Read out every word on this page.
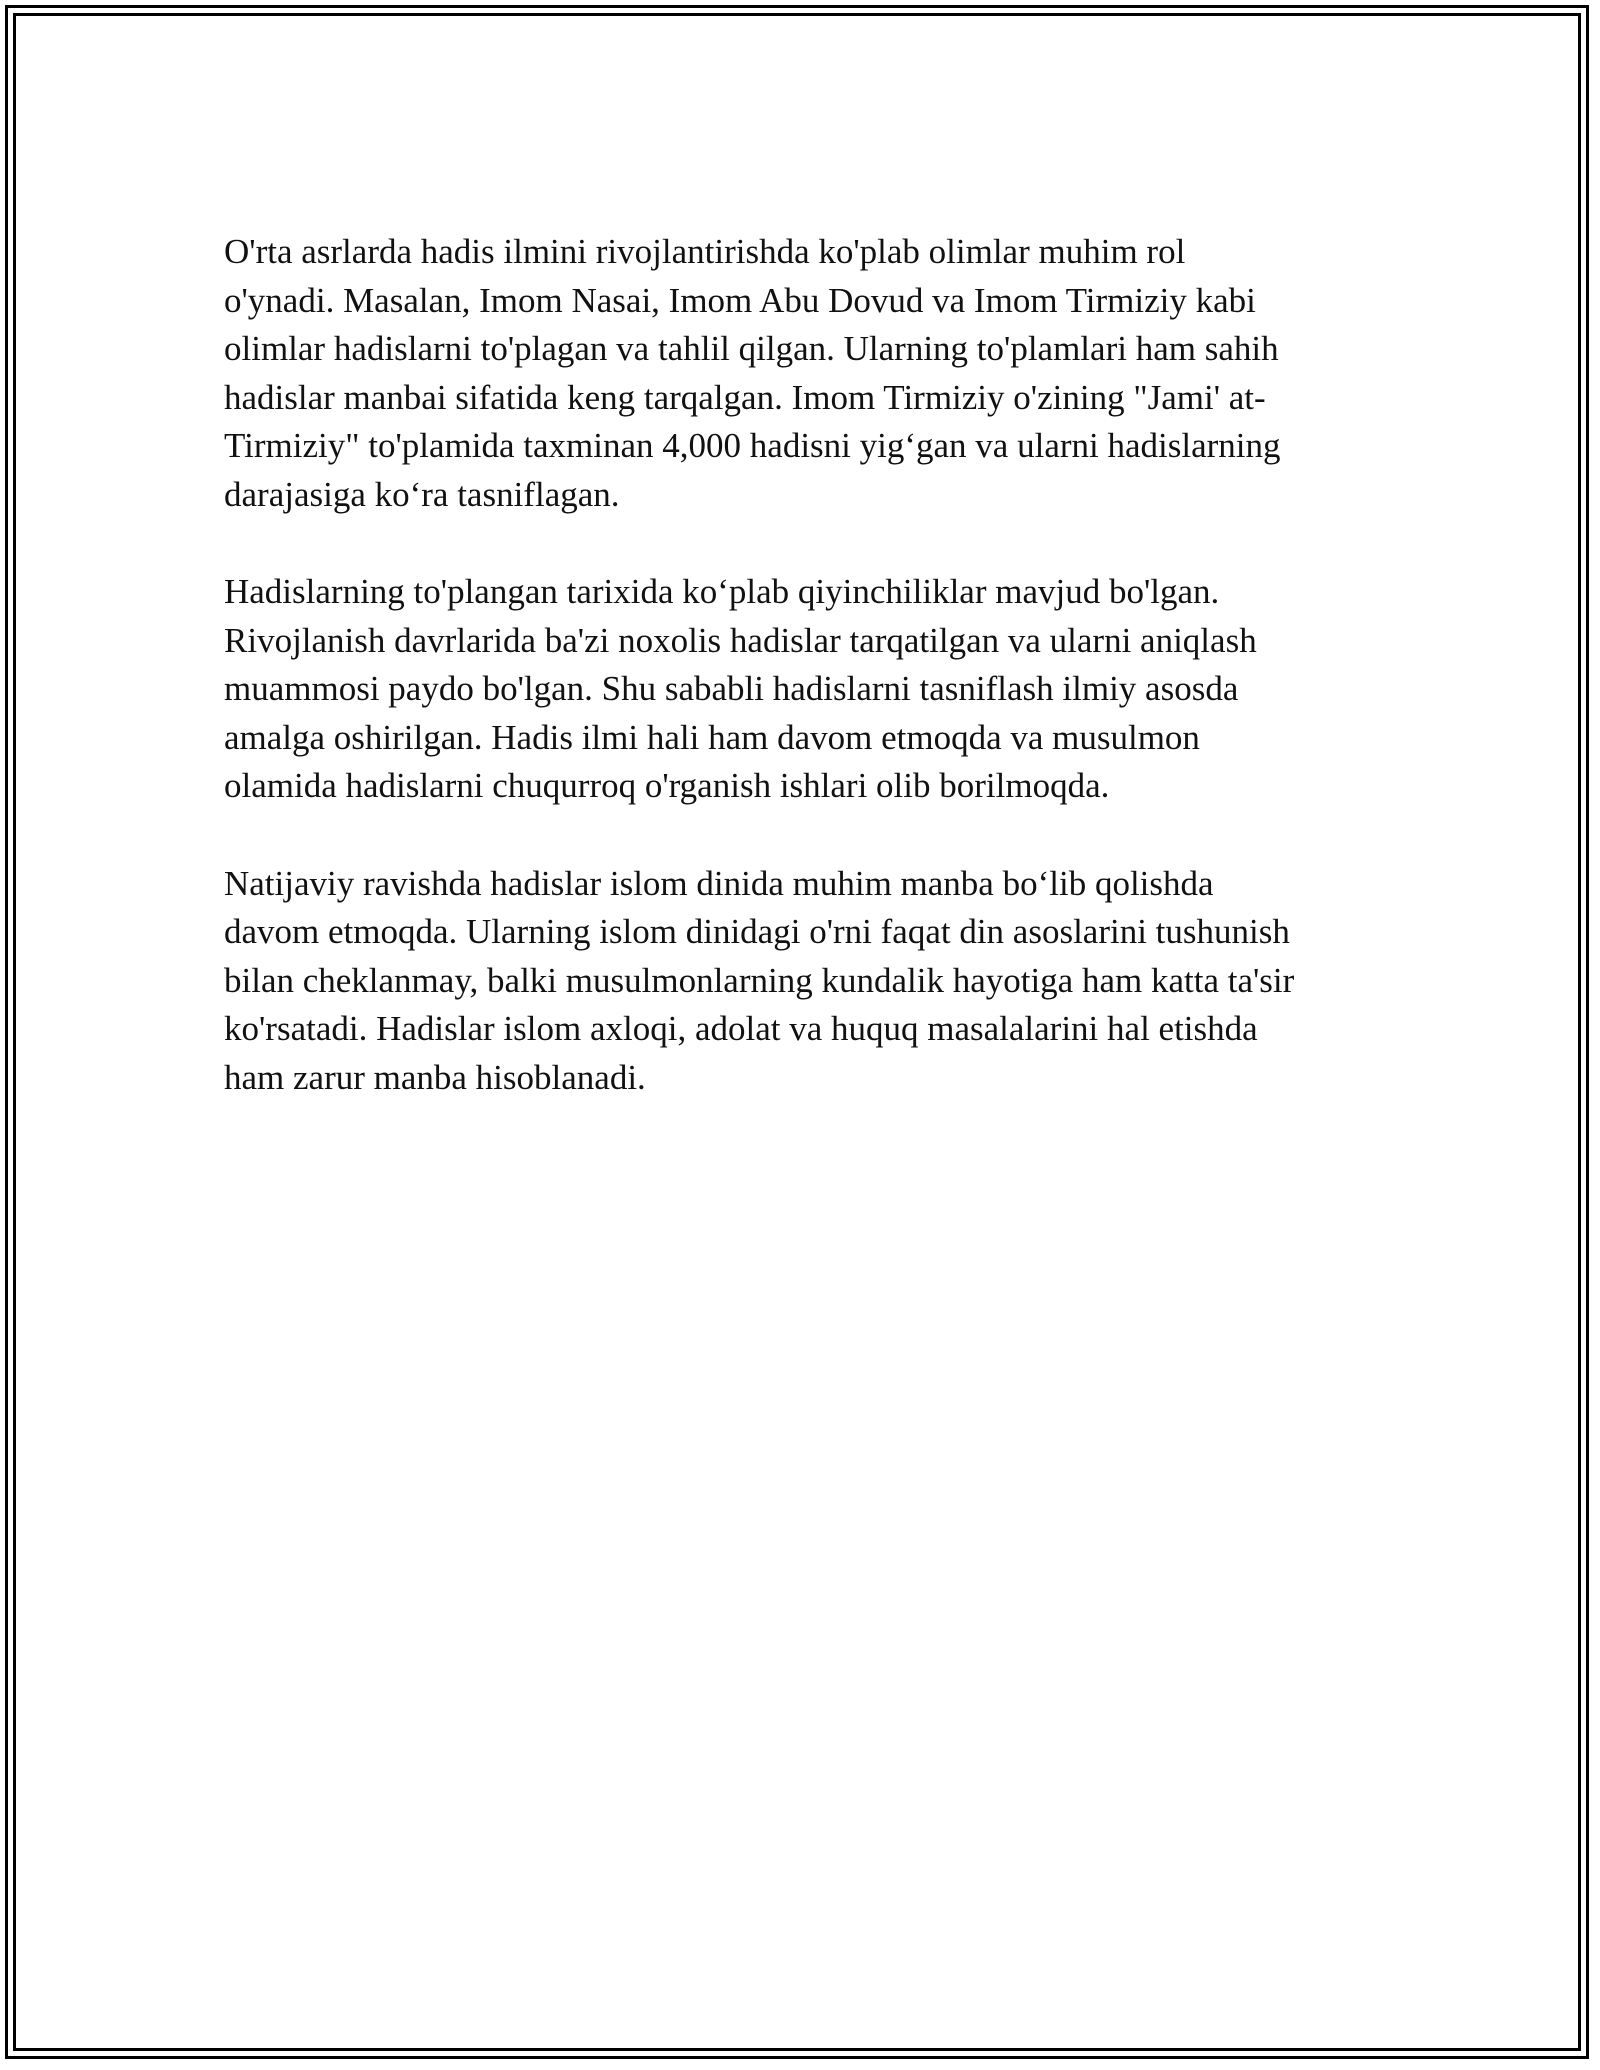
O'rta asrlarda hadis ilmini rivojlantirishda ko'plab olimlar muhim rol
o'ynadi. Masalan, Imom Nasai, Imom Abu Dovud va Imom Tirmiziy kabi
olimlar hadislarni to'plagan va tahlil qilgan. Ularning to'plamlari ham sahih
hadislar manbai sifatida keng tarqalgan. Imom Tirmiziy o'zining "Jami' at-
Tirmiziy" to'plamida taxminan 4,000 hadisni yig‘gan va ularni hadislarning
darajasiga ko‘ra tasniflagan.

Hadislarning to'plangan tarixida ko‘plab qiyinchiliklar mavjud bo'lgan.
Rivojlanish davrlarida ba'zi noxolis hadislar tarqatilgan va ularni aniqlash
muammosi paydo bo'lgan. Shu sababli hadislarni tasniflash ilmiy asosda
amalga oshirilgan. Hadis ilmi hali ham davom etmoqda va musulmon
olamida hadislarni chuqurroq o'rganish ishlari olib borilmoqda.

Natijaviy ravishda hadislar islom dinida muhim manba bo‘lib qolishda
davom etmoqda. Ularning islom dinidagi o'rni faqat din asoslarini tushunish
bilan cheklanmay, balki musulmonlarning kundalik hayotiga ham katta ta'sir
ko'rsatadi. Hadislar islom axloqi, adolat va huquq masalalarini hal etishda
ham zarur manba hisoblanadi.
